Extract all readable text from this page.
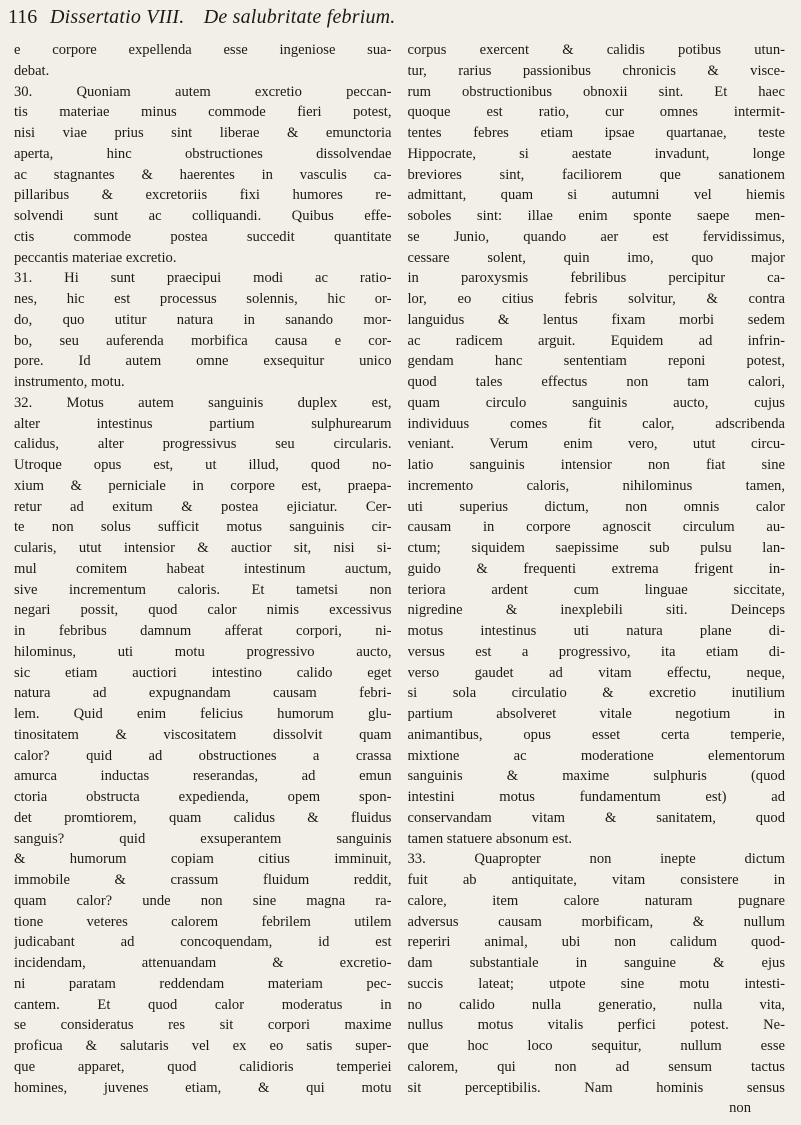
116 Dissertatio VIII. De salubritate febrium.
e corpore expellenda esse ingeniose sua-
debat.
30. Quoniam autem excretio peccan-
tis materiae minus commode fieri potest,
nisi viae prius sint liberae & emunctoria
aperta, hinc obstructiones dissolvendae
ac stagnantes & haerentes in vasculis ca-
pillaribus & excretoriis fixi humores re-
solvendi sunt ac colliquandi. Quibus effe-
ctis commode postea succedit quantitate
peccantis materiae excretio.
31. Hi sunt praecipui modi ac ratio-
nes, hic est processus solennis, hic or-
do, quo utitur natura in sanando mor-
bo, seu auferenda morbifica causa e cor-
pore. Id autem omne exsequitur unico
instrumento, motu.
32. Motus autem sanguinis duplex est,
alter intestinus partium sulphurearum
calidus, alter progressivus seu circularis.
Utroque opus est, ut illud, quod no-
xium & perniciale in corpore est, praepa-
retur ad exitum & postea ejiciatur. Cer-
te non solus sufficit motus sanguinis cir-
cularis, utut intensior & auctior sit, nisi si-
mul comitem habeat intestinum auctum,
sive incrementum caloris. Et tametsi non
negari possit, quod calor nimis excessivus
in febribus damnum afferat corpori, ni-
hilominus, uti motu progressivo aucto,
sic etiam auctiori intestino calido eget
natura ad expugnandam causam febri-
lem. Quid enim felicius humorum glu-
tinositatem & viscositatem dissolvit quam
calor? quid ad obstructiones a crassa
amurca inductas reserandas, ad emun
ctoria obstructa expedienda, opem spon-
det promtiorem, quam calidus & fluidus
sanguis? quid exsuperantem sanguinis
& humorum copiam citius imminuit,
immobile & crassum fluidum reddit,
quam calor? unde non sine magna ra-
tione veteres calorem febrilem utilem
judicabant ad concoquendam, id est
incidendam, attenuandam & excretio-
ni paratam reddendam materiam pec-
cantem. Et quod calor moderatus in
se consideratus res sit corpori maxime
proficua & salutaris vel ex eo satis super-
que apparet, quod calidioris temperiei
homines, juvenes etiam, & qui motu
corpus exercent & calidis potibus utun-
tur, rarius passionibus chronicis & visce-
rum obstructionibus obnoxii sint. Et haec
quoque est ratio, cur omnes intermit-
tentes febres etiam ipsae quartanae, teste
Hippocrate, si aestate invadunt, longe
breviores sint, faciliorem que sanationem
admittant, quam si autumni vel hiemis
soboles sint: illae enim sponte saepe men-
se Junio, quando aer est fervidissimus,
cessare solent, quin imo, quo major
in paroxysmis febrilibus percipitur ca-
lor, eo citius febris solvitur, & contra
languidus & lentus fixam morbi sedem
ac radicem arguit. Equidem ad infrin-
gendam hanc sententiam reponi potest,
quod tales effectus non tam calori,
quam circulo sanguinis aucto, cujus
individuus comes fit calor, adscribenda
veniant. Verum enim vero, utut circu-
latio sanguinis intensior non fiat sine
incremento caloris, nihilominus tamen,
uti superius dictum, non omnis calor
causam in corpore agnoscit circulum au-
ctum; siquidem saepissime sub pulsu lan-
guido & frequenti extrema frigent in-
teriora ardent cum linguae siccitate,
nigredine & inexplebili siti. Deinceps
motus intestinus uti natura plane di-
versus est a progressivo, ita etiam di-
verso gaudet ad vitam effectu, neque,
si sola circulatio & excretio inutilium
partium absolveret vitale negotium in
animantibus, opus esset certa temperie,
mixtione ac moderatione elementorum
sanguinis & maxime sulphuris (quod
intestini motus fundamentum est) ad
conservandam vitam & sanitatem, quod
tamen statuere absonum est.
33. Quapropter non inepte dictum
fuit ab antiquitate, vitam consistere in
calore, item calore naturam pugnare
adversus causam morbificam, & nullum
reperiri animal, ubi non calidum quod-
dam substantiale in sanguine & ejus
succis lateat; utpote sine motu intesti-
no calido nulla generatio, nulla vita,
nullus motus vitalis perfici potest. Ne-
que hoc loco sequitur, nullum esse
calorem, qui non ad sensum tactus
sit perceptibilis. Nam hominis sensus
non
